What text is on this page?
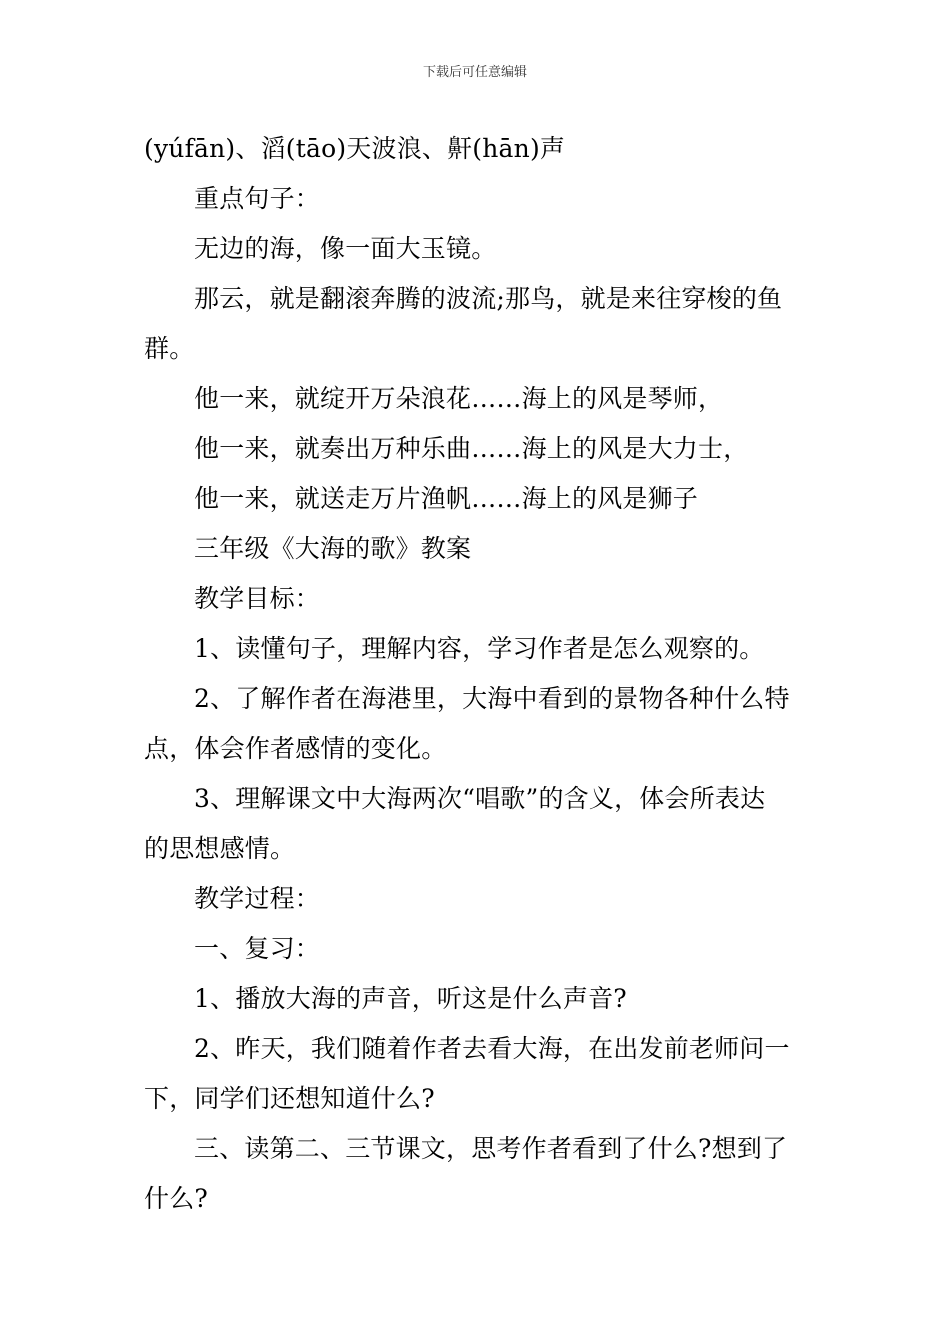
下载后可任意编辑
(yúfān)、滔(tāo)天波浪、鼾(hān)声
重点句子：
无边的海，像一面大玉镜。
那云，就是翻滚奔腾的波流;那鸟，就是来往穿梭的鱼
群。
他一来，就绽开万朵浪花……海上的风是琴师，
他一来，就奏出万种乐曲……海上的风是大力士，
他一来，就送走万片渔帆……海上的风是狮子
三年级《大海的歌》教案
教学目标：
1、读懂句子，理解内容，学习作者是怎么观察的。
2、了解作者在海港里，大海中看到的景物各种什么特
点，体会作者感情的变化。
3、理解课文中大海两次“唱歌”的含义，体会所表达
的思想感情。
教学过程：
一、复习：
1、播放大海的声音，听这是什么声音?
2、昨天，我们随着作者去看大海，在出发前老师问一
下，同学们还想知道什么?
三、读第二、三节课文，思考作者看到了什么?想到了
什么?
